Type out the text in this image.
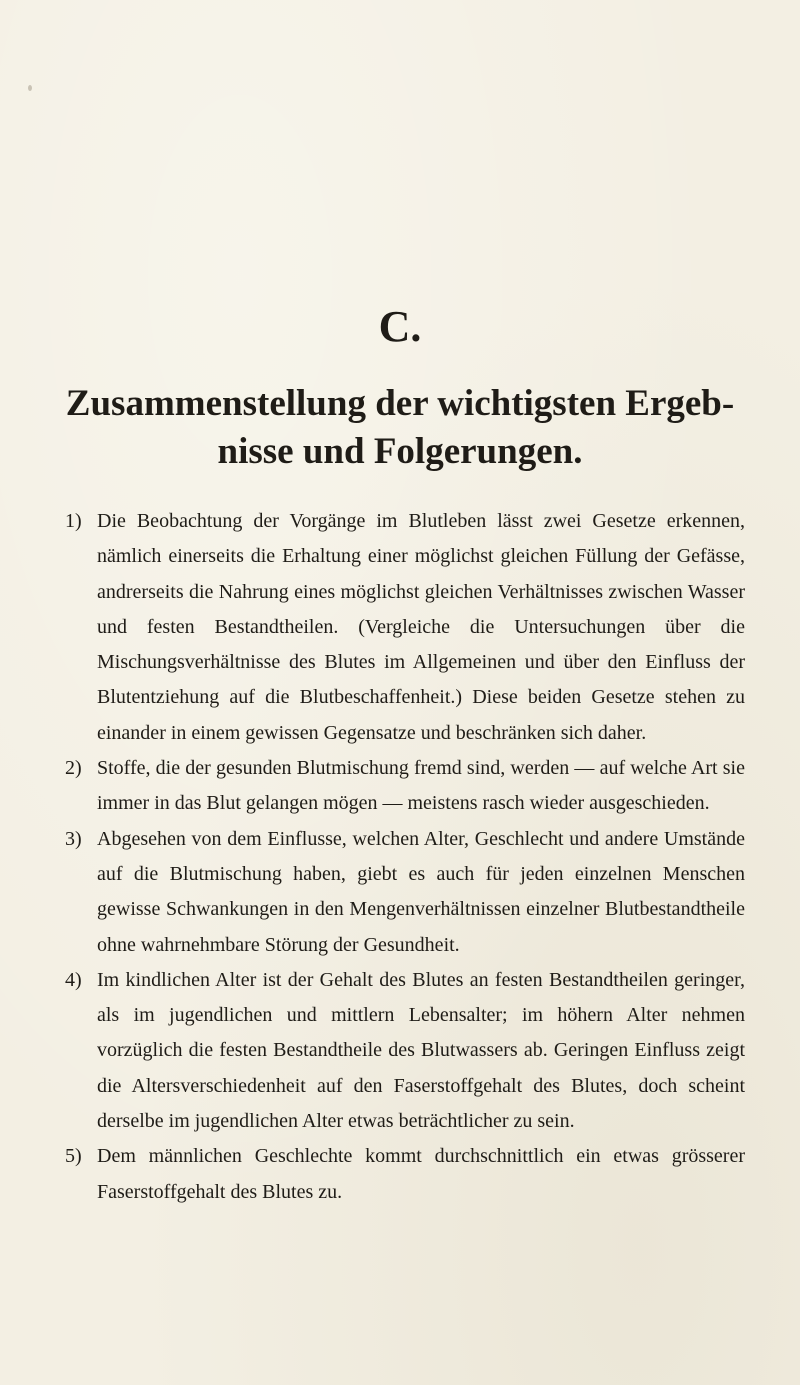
C.
Zusammenstellung der wichtigsten Ergeb-
nisse und Folgerungen.
1) Die Beobachtung der Vorgänge im Blutleben lässt zwei Gesetze erkennen, nämlich einerseits die Erhaltung einer möglichst gleichen Füllung der Gefässe, andrerseits die Nahrung eines möglichst gleichen Verhältnisses zwischen Wasser und festen Bestandtheilen. (Vergleiche die Untersuchungen über die Mischungsverhältnisse des Blutes im Allgemeinen und über den Einfluss der Blutentziehung auf die Blutbeschaffenheit.) Diese beiden Gesetze stehen zu einander in einem gewissen Gegensatze und beschränken sich daher.
2) Stoffe, die der gesunden Blutmischung fremd sind, werden — auf welche Art sie immer in das Blut gelangen mögen — meistens rasch wieder ausgeschieden.
3) Abgesehen von dem Einflusse, welchen Alter, Geschlecht und andere Umstände auf die Blutmischung haben, giebt es auch für jeden einzelnen Menschen gewisse Schwankungen in den Mengenverhältnissen einzelner Blutbestandtheile ohne wahrnehmbare Störung der Gesundheit.
4) Im kindlichen Alter ist der Gehalt des Blutes an festen Bestandtheilen geringer, als im jugendlichen und mittlern Lebensalter; im höhern Alter nehmen vorzüglich die festen Bestandtheile des Blutwassers ab. Geringen Einfluss zeigt die Altersverschiedenheit auf den Faserstoffgehalt des Blutes, doch scheint derselbe im jugendlichen Alter etwas beträchtlicher zu sein.
5) Dem männlichen Geschlechte kommt durchschnittlich ein etwas grösserer Faserstoffgehalt des Blutes zu.
